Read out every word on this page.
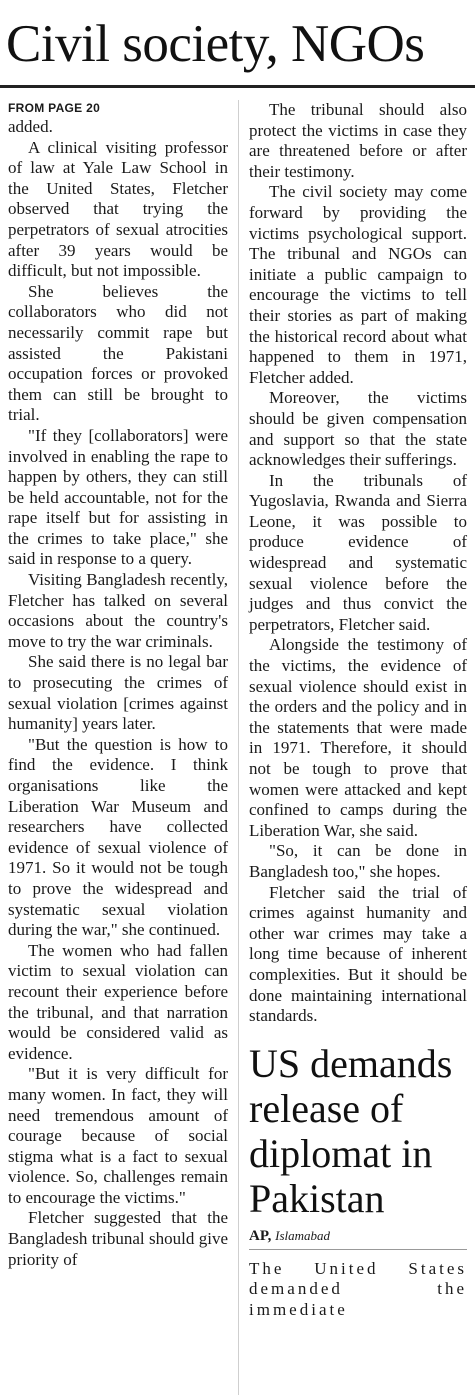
Civil society, NGOs
FROM PAGE 20

added.

A clinical visiting professor of law at Yale Law School in the United States, Fletcher observed that trying the perpetrators of sexual atrocities after 39 years would be difficult, but not impossible.

She believes the collaborators who did not necessarily commit rape but assisted the Pakistani occupation forces or provoked them can still be brought to trial.

"If they [collaborators] were involved in enabling the rape to happen by others, they can still be held accountable, not for the rape itself but for assisting in the crimes to take place," she said in response to a query.

Visiting Bangladesh recently, Fletcher has talked on several occasions about the country's move to try the war criminals.

She said there is no legal bar to prosecuting the crimes of sexual violation [crimes against humanity] years later.

"But the question is how to find the evidence. I think organisations like the Liberation War Museum and researchers have collected evidence of sexual violence of 1971. So it would not be tough to prove the widespread and systematic sexual violation during the war," she continued.

The women who had fallen victim to sexual violation can recount their experience before the tribunal, and that narration would be considered valid as evidence.

"But it is very difficult for many women. In fact, they will need tremendous amount of courage because of social stigma what is a fact to sexual violence. So, challenges remain to encourage the victims."

Fletcher suggested that the Bangladesh tribunal should give priority of

The tribunal should also protect the victims in case they are threatened before or after their testimony.

The civil society may come forward by providing the victims psychological support. The tribunal and NGOs can initiate a public campaign to encourage the victims to tell their stories as part of making the historical record about what happened to them in 1971, Fletcher added.

Moreover, the victims should be given compensation and support so that the state acknowledges their sufferings.

In the tribunals of Yugoslavia, Rwanda and Sierra Leone, it was possible to produce evidence of widespread and systematic sexual violence before the judges and thus convict the perpetrators, Fletcher said.

Alongside the testimony of the victims, the evidence of sexual violence should exist in the orders and the policy and in the statements that were made in 1971. Therefore, it should not be tough to prove that women were attacked and kept confined to camps during the Liberation War, she said.

"So, it can be done in Bangladesh too," she hopes.

Fletcher said the trial of crimes against humanity and other war crimes may take a long time because of inherent complexities. But it should be done maintaining international standards.

US demands release of diplomat in Pakistan
AP, Islamabad

The United States demanded the immediate
